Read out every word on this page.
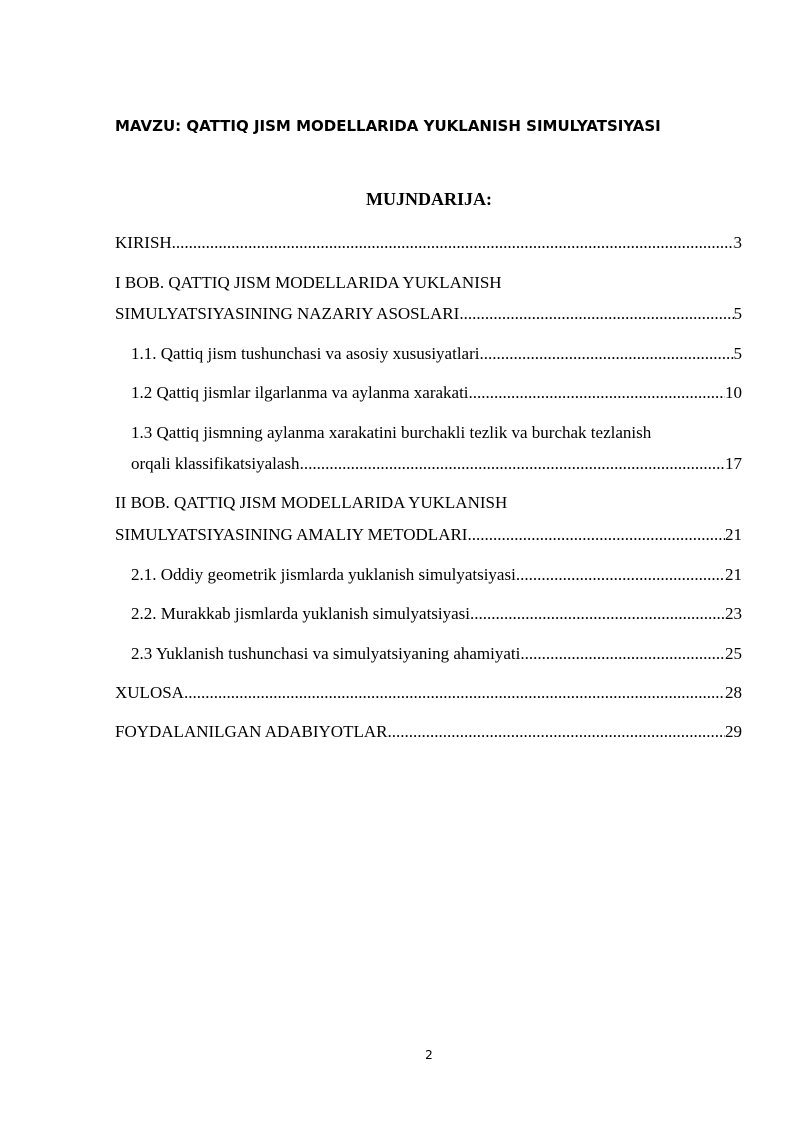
MAVZU: QATTIQ JISM MODELLARIDA YUKLANISH SIMULYATSIYASI
MUJNDARIJA:
KIRISH .....	3
I BOB. QATTIQ JISM MODELLARIDA YUKLANISH
SIMULYATSIYASINING NAZARIY ASOSLARI .....	5
1.1. Qattiq jism tushunchasi va asosiy xususiyatlari .....	5
1.2 Qattiq jismlar ilgarlanma va aylanma xarakati .....	10
1.3 Qattiq jismning aylanma xarakatini burchakli tezlik va burchak tezlanish
orqali klassifikatsiyalash .....	17
II BOB. QATTIQ JISM MODELLARIDA YUKLANISH
SIMULYATSIYASINING AMALIY METODLARI .....	21
2.1. Oddiy geometrik jismlarda yuklanish simulyatsiyasi .....	21
2.2. Murakkab jismlarda yuklanish simulyatsiyasi .....	23
2.3 Yuklanish tushunchasi va simulyatsiyaning ahamiyati .....	25
XULOSA .....	28
FOYDALANILGAN ADABIYOTLAR .....	29
2
